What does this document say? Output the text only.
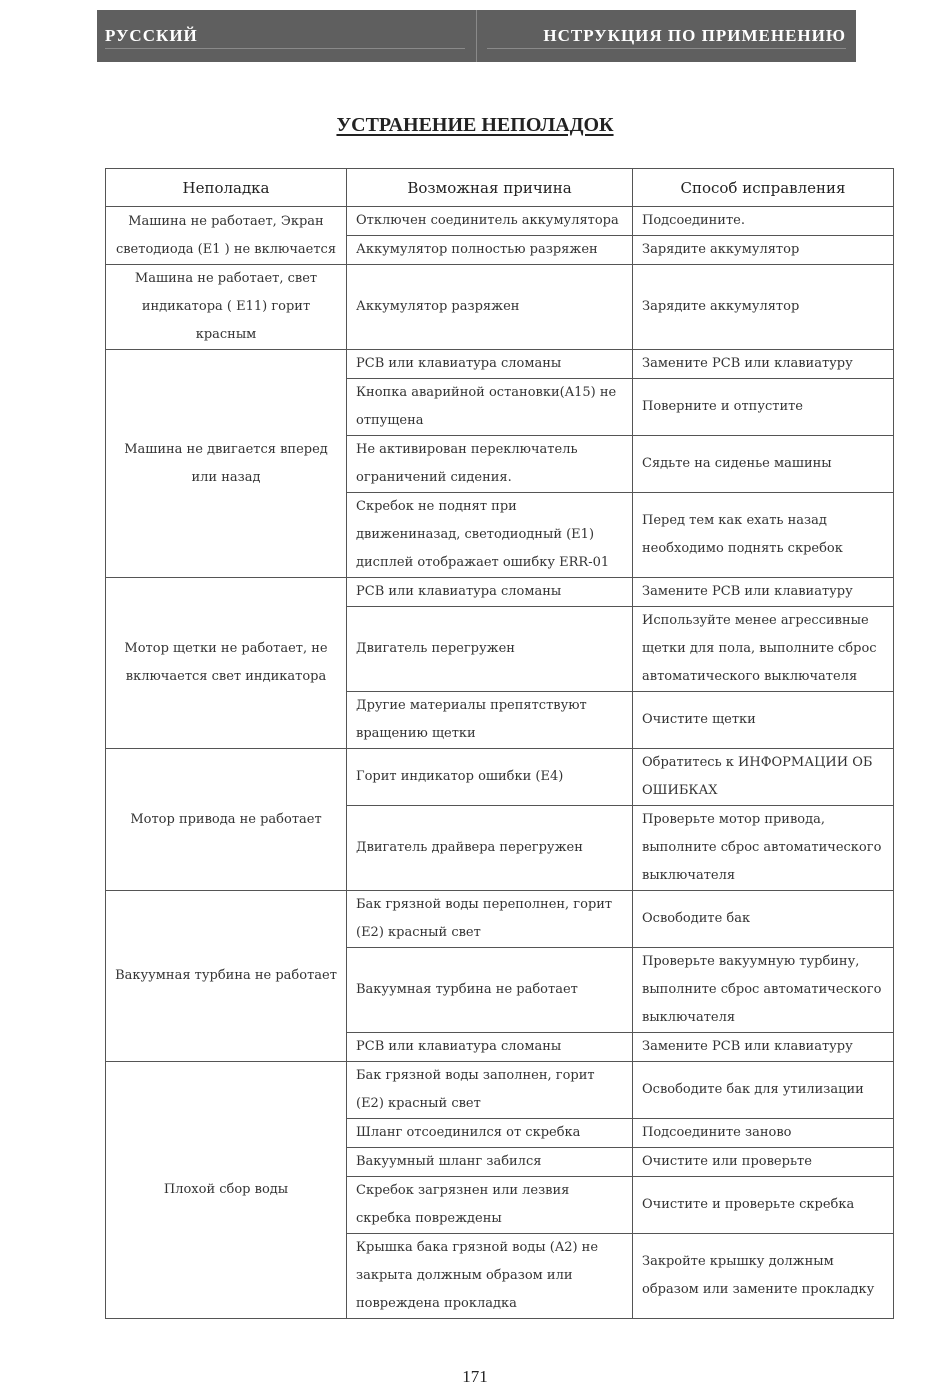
РУССКИЙ	НСТРУКЦИЯ ПО ПРИМЕНЕНИЮ
УСТРАНЕНИЕ НЕПОЛАДОК
Неполадка	Возможная причина	Способ исправления
Машина не работает, Экран светодиода (E1 ) не включается	Отключен соединитель аккумулятора	Подсоедините.
	Аккумулятор полностью разряжен	Зарядите аккумулятор
Машина не работает, свет индикатора ( E11) горит красным	Аккумулятор разряжен	Зарядите аккумулятор
Машина не двигается вперед или назад	PCB или клавиатура сломаны	Замените PCB или клавиатуру
	Кнопка аварийной остановки(A15) не отпущена	Поверните и отпустите
	Не активирован переключатель ограничений сидения.	Сядьте на сиденье машины
	Скребок не поднят при движениназад, светодиодный (E1) дисплей отображает ошибку ERR-01	Перед тем как ехать назад необходимо поднять скребок
Мотор щетки не работает, не включается свет индикатора	PCB или клавиатура сломаны	Замените PCB или клавиатуру
	Двигатель перегружен	Используйте менее агрессивные щетки для пола, выполните сброс автоматического выключателя
	Другие материалы препятствуют вращению щетки	Очистите щетки
Мотор привода не работает	Горит индикатор ошибки (E4)	Обратитесь к ИНФОРМАЦИИ ОБ ОШИБКАХ
	Двигатель драйвера перегружен	Проверьте мотор привода, выполните сброс автоматического выключателя
Вакуумная турбина не работает	Бак грязной воды переполнен, горит (E2) красный свет	Освободите бак
	Вакуумная турбина не работает	Проверьте вакуумную турбину, выполните сброс автоматического выключателя
	PCB или клавиатура сломаны	Замените PCB или клавиатуру
Плохой сбор воды	Бак грязной воды заполнен, горит (E2) красный свет	Освободите бак для утилизации
	Шланг отсоединился от скребка	Подсоедините заново
	Вакуумный шланг забился	Очистите или проверьте
	Скребок загрязнен или лезвия скребка повреждены	Очистите и проверьте скребка
	Крышка бака грязной воды (A2) не закрыта должным образом или повреждена прокладка	Закройте крышку должным образом или замените прокладку
171
